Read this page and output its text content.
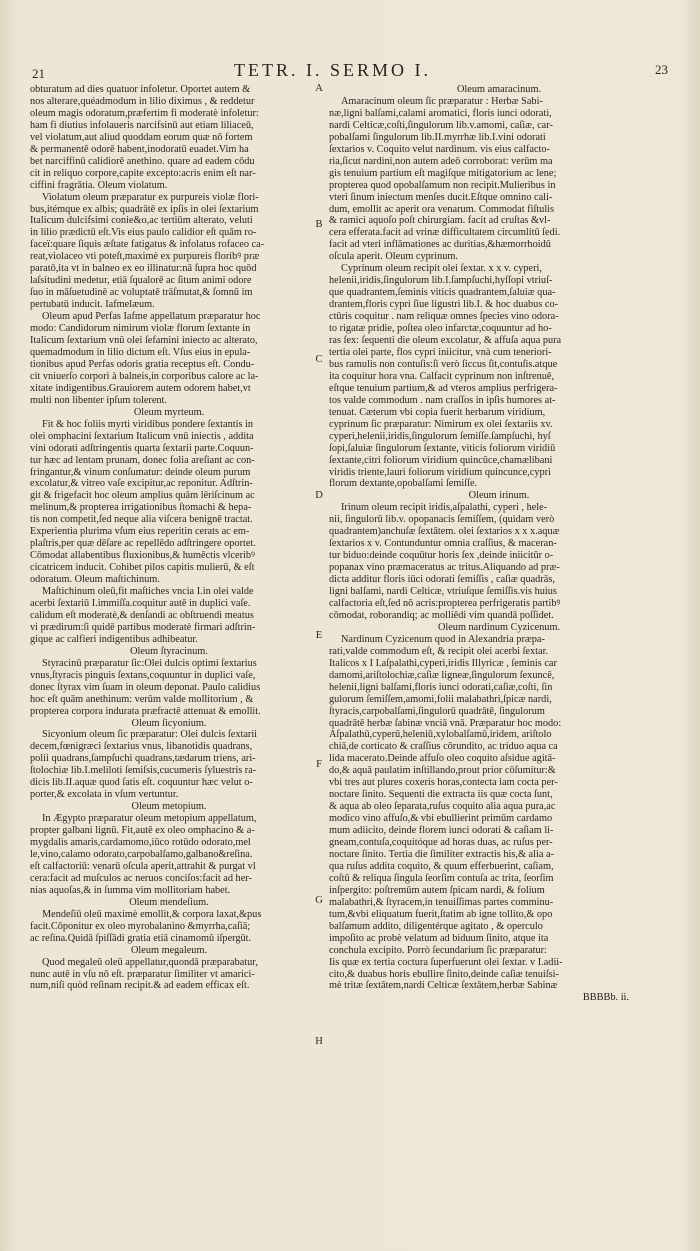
21	TETR. I. SERMO I.	23

obturatum ad dies quatuor infoletur. Oportet autem &

nos alterare,quéadmodum in lilio diximus , & reddetur

oleum magis odoratum,præfertim fi moderatè infoletur:

ham fi diutius infolaueris narcifsinū aut etiam liliaceū,

vel violatum,aut aliud quoddam eorum quæ nō fortem

& permanentē odorē habent,inodoratū euadet.Vim ha

bet narciffinū calidiorē anethino. quare ad eadem cōdu

cit in reliquo corpore,capite excepto:acris enim eſt nar-

ciffini fragrātia. Oleum violatum.

Violatum oleum præparatur ex purpureis violæ flori-

bus,itémque ex albis; quadrātē ex ipſis in olei ſextarium

Italicum dulcifsimi conie&o,ac tertiūm alterato, veluti

in lilio prædictū eſt.Vis eius paulo calidior eſt quām ro-

faceï:quare ſiquis æſtate fatigatus & infolatus rofaceo ca-

reat,violaceo vti poteſt,maximè ex purpureis floribꝰ præ

paratō,ita vt in balneo ex eo illinatur:nā ſupra hoc quōd

laſsitudini medetur, etiā ſqualorē ac ſitum animi odore

ſuo in māſuetudinē ac voluptatē trāſmutat,& ſomnū im

pertubatū inducit. Iafmelæum.

Oleum apud Perfas Iafme appellatum præparatur hoc

modo: Candidorum nimirum violæ florum ſextante in

Italicum ſextarium vnū olei ſefamini iniecto ac alterato,

quemadmodum in lilio dictum eſt. Vſus eius in epula-

tionibus apud Perfas odoris gratia receptus eſt. Condu-

cit vniuerſo corpori à balneis,in corporibus calore ac la-

xitate indigentibus.Grauiorem autem odorem habet,vt

multi non libenter ipſum tolerent.

Oleum myrteum.

Fit & hoc foliis myrti viridibus pondere ſextantis in

olei omphacini ſextarium Italicum vnū iniectis , addita

vini odorati adſtringentis quarta ſextarii parte.Coquun-

tur hæc ad lentam prunam, donec folia areſiant ac con-

fringantur,& vinum conſumatur: deinde oleum purum

excolatur,& vitreo vaſe excipitur,ac reponitur. Adſtrin-

git & frigefacit hoc oleum amplius quām lēriſcinum ac

melinum,& propterea irrigationibus ſtomachi & hepa-

tis non competit,ſed neque alia viſcera benignē tractat.

Experientia plurima vſum eius reperitin cerats ac em-

plaſtris,per quæ dēſare ac repellēdo adſtringere oportet.

Cōmodat allabentibus fluxionibus,& humēctis vlceribꝰ

cicatricem inducit. Cohibet pilos capitis mulierū, & eſt

odoratum. Oleum maſtichinum.

Maſtichinum oleū,fit maſtiches vncia I.in olei valde

acerbi ſextariū I.immiſſa.coquitur autē in duplici vaſe.

calidum eſt moderatè,& denſandi ac obſtruendi meatus

vi prædirum:ſi quidē partibus moderatè firmari adſtrin-

gique ac calfieri indigentibus adhibeatur.

Oleum ſtyracinum.

Styracinū præparatur ſic:Olei dulcis optimi ſextarius

vnus,ſtyracis pinguis ſextans,coquuntur in duplici vaſe,

donec ſtyrax vim ſuam in oleum deponat. Paulo calidius

hoc eſt quām anethinum: verūm valde mollitorium , &

propterea corpora indurata præfractē attenuat & emollit.

Oleum ſicyonium.

Sicyonium oleum ſic præparatur: Olei dulcis ſextarii

decem,fœnigræci ſextarius vnus, libanotidis quadrans,

polii quadrans,ſampſuchi quadrans,tædarum triens, ari-

ſtolochiæ lib.I.meliloti ſemiſsis,cucumeris ſyluestris ra-

dicis lib.II.aquæ quod ſatis eſt. coquuntur hæc velut o-

porter,& excolata in vſum vertuntur.

Oleum metopium.

In Ægypto præparatur oleum metopium appellatum,

propter galbani lignū. Fit,autē ex oleo omphacino & a-

mygdalis amaris,cardamomo,iūco rotūdo odorato,mel

le,vino,calamo odorato,carpobalſamo,galbano&reſina.

eſt calfactoriū: venarū oſcula aperit,attrahit & purgat vl

cera:facit ad muſculos ac neruos conciſos:facit ad her-

nias aquoſas,& in ſumma vim mollitoriam habet.

Oleum mendeſium.

Mendeſiū oleū maximè emollit,& corpora laxat,&pus

facit.Cōponitur ex oleo myrobalanino &myrrha,caſiā;

ac reſina.Quidā ſpiſſādi gratia etiā cinamomū iſpergūt.

Oleum megaleum.

Quod megaleū oleū appellatur,quondā præparabatur,

nunc autē in vſu nō eſt. præparatur ſimiliter vt amarici-

num,niſi quòd reſinam recipit.& ad eadem efficax eſt.

Oleum amaracinum.

Amaracinum oleum ſic præparatur : Herbæ Sabi-

næ,ligni balſami,calami aromatici, floris iunci odorati,

nardi Celticæ,coſti,ſingulorum lib.v.amomi, caſiæ, car-

pobalſami ſingulorum lib.II.myrrhæ lib.I.vini odorati

ſextarios v. Coquito velut nardinum. vis eius calfacto-

ria,ſicut nardini,non autem adeō corroborat: verūm ma

gis tenuium partium eſt magiſque mitigatorium ac lene;

propterea quod opobalſamum non recipit.Mulieribus in

vteri ſinum iniectum menſes ducit.Eſtque omnino cali-

dum, emollit ac aperit ora venarum. Commodat fiſtulis

& ramici aquoſo poſt chirurgiam. facit ad cruſtas &vl-

cera efferata.facit ad vrinæ difficultatem circumlitū ſedi.

facit ad vteri inflāmationes ac duritias,&hæmorrhoidū

oſcula aperit. Oleum cyprinum.

Cyprinum oleum recipit olei ſextar. x x v. cyperi,

helenii,iridis,ſingulorum lib.I.ſampſuchi,hyſſopi vtriuſ-

que quadrantem,ſeminis viticis quadrantem,ſaluiæ qua-

drantem,floris cypri ſiue ligustri lib.I. & hoc duabus co-

ctūris coquitur . nam reliquæ omnes ſpecies vino odora-

to rigatæ pridie, poſtea oleo infarctæ,coquuntur ad ho-

ras ſex: ſequenti die oleum excolatur, & affuſa aqua pura

tertia olei parte, flos cypri iniicitur, vnà cum teneriori-

bus ramulis non contuſis:ſi verò ſiccus ſit,contuſis.atque

ita coquitur hora vna. Calfacit cyprinum non inſtrenuē,

eſtque tenuium partium,& ad vteros amplius perfrigera-

tos valde commodum . nam craſſos in ipſis humores at-

tenuat. Cæterum vbi copia fuerit herbarum viridium,

cyprinum ſic præparatur: Nimirum ex olei ſextariis xv.

cyperi,helenii,iridis,ſingulorum ſemiſſe.ſampſuchi, hyſ

ſopi,ſaluiæ ſingulorum ſextante, viticis foliorum viridiū

ſextante,citri foliorum viridium quincūce,chamælibani

viridis triente,lauri foliorum viridium quincunce,cypri

florum dextante,opobalſami ſemiſſe.

Oleum irinum.

Irinum oleum recipit iridis,aſpalathi, cyperi , hele-

nii, ſingulorū lib.v. opopanacis ſemiſſem, (quidam verò

quadrantem)anchuſæ ſextātem. olei ſextarios x x x.aquæ

ſextarios x v. Contunduntur omnia craſſius, & maceran-

tur biduo:deinde coquūtur horis ſex ,deinde iniicitūr o-

popanax vino præmaceratus ac tritus.Aliquando ad præ-

dicta additur floris iūci odorati ſemiſſis , caſiæ quadrās,

ligni balſami, nardi Celticæ, vtriuſque ſemiſſis.vis huius

calfactoria eſt,ſed nō acris:propterea perfrigeratis partibꝰ

cōmodat, roborandiq; ac molliēdi vim quandā poſſidet.

Oleum nardinum Cyzicenum.

Nardinum Cyzicenum quod in Alexandria præpa-

rati,valde commodum eſt, & recipit olei acerbi ſextar.

Italicos x I I.aſpalathi,cyperi,iridis Illyricæ , ſeminis car

damomi,ariſtolochiæ,caſiæ ligneæ,ſingulorum ſexuncē,

helenii,ligni balſami,floris iunci odorati,caſiæ,coſti, ſin

gulorum ſemiſſem,amomi,folii malabathri,ſpicæ nardi,

ſtyracis,carpobalſami,ſingulorū quadrātē, ſingulorum

quadrātē herbæ ſabinæ vnciā vnā. Præparatur hoc modo:

Aſpalathū,cyperū,heleniū,xylobalſamū,iridem, ariſtolo

chiā,de corticato & craſſius cōrundito, ac triduo aqua ca

lida macerato.Deinde affuſo oleo coquito aſsidue agitā-

do,& aquā paulatim inſtillando,prout prior cōſumitur:&

vbi tres aut plures coxeris horas,contecta iam cocta per-

noctare ſinito. Sequenti die extracta iis quæ cocta ſunt,

& aqua ab oleo ſeparata,ruſus coquito alia aqua pura,ac

modico vino affuſo,& vbi ebullierint primūm cardamo

mum adiicito, deinde florem iunci odorati & caſiam li-

gneam,contuſa,coquitóque ad horas duas, ac ruſus per-

noctare ſinito. Tertia die ſimiliter extractis his,& alia a-

qua ruſus addita coquito, & quum efferbuerint, caſiam,

coſtū & reliqua ſingula ſeorſim contuſa ac trita, ſeorſim

inſpergito: poſtremūm autem ſpicam nardi, & folium

malabathri,& ſtyracem,in tenuiſſimas partes comminu-

tum,&vbi eliquatum fuerit,ſtatim ab igne tollito,& opo

balſamum addito, diligentérque agitato , & operculo

impoſito ac probè velatum ad biduum ſinito, atque ita

conchula excipito. Porrò ſecundarium ſic præparatur:

Iis quæ ex tertia coctura ſuperfuerunt olei ſextar. v I.adii-

cito,& duabus horis ebullire ſinito,deinde caſiæ tenuiſsi-

mè tritæ ſextātem,nardi Celticæ ſextātem,herbæ Sabinæ

BBBBb. ii.

A
B
C
D
E
F
G
H
